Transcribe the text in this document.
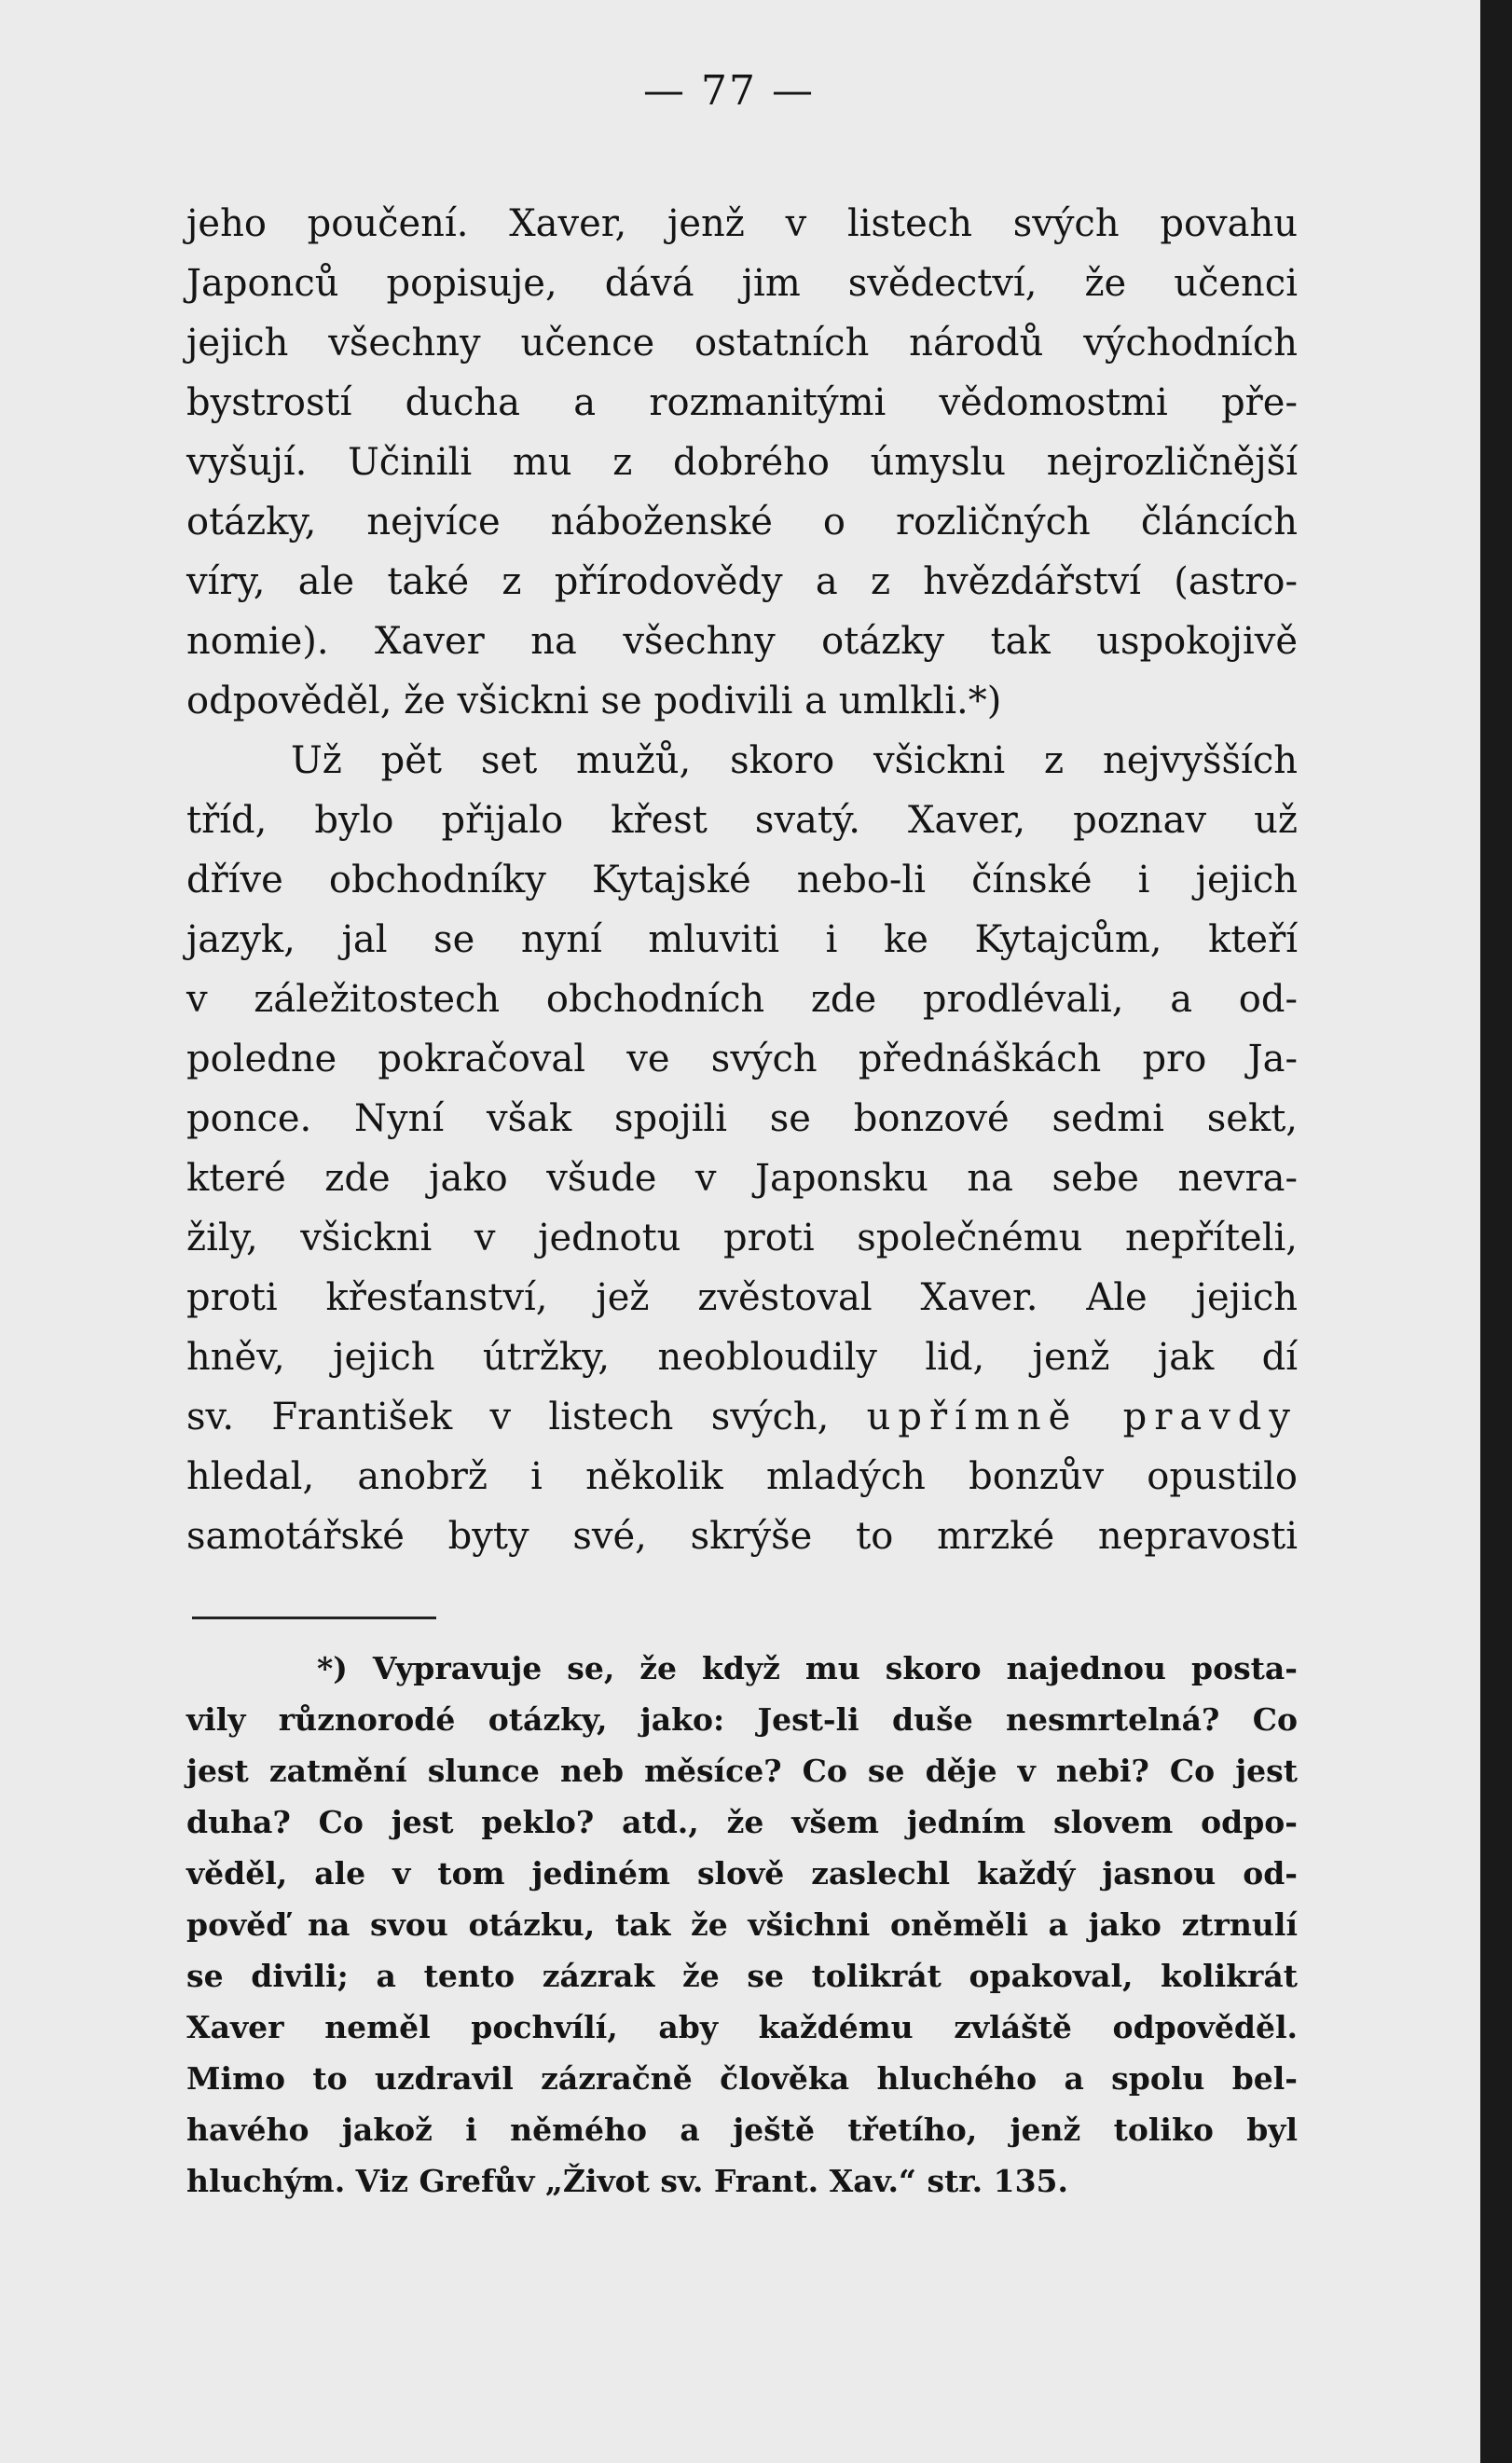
— 77 —
jeho poučení. Xaver, jenž v listech svých povahu
Japonců popisuje, dává jim svědectví, že učenci
jejich všechny učence ostatních národů východních
bystrostí ducha a rozmanitými vědomostmi pře-
vyšují. Učinili mu z dobrého úmyslu nejrozličnější
otázky, nejvíce náboženské o rozličných článcích
víry, ale také z přírodovědy a z hvězdářství (astro-
nomie). Xaver na všechny otázky tak uspokojivě
odpověděl, že všickni se podivili a umlkli.*)
Už pět set mužů, skoro všickni z nejvyšších
tříd, bylo přijalo křest svatý. Xaver, poznav už
dříve obchodníky Kytajské nebo-li čínské i jejich
jazyk, jal se nyní mluviti i ke Kytajcům, kteří
v záležitostech obchodních zde prodlévali, a od-
poledne pokračoval ve svých přednáškách pro Ja-
ponce. Nyní však spojili se bonzové sedmi sekt,
které zde jako všude v Japonsku na sebe nevra-
žily, všickni v jednotu proti společnému nepříteli,
proti křesťanství, jež zvěstoval Xaver. Ale jejich
hněv, jejich útržky, neobloudily lid, jenž jak dí
sv. František v listech svých, upřímně pravdy
hledal, anobrž i několik mladých bonzův opustilo
samotářské byty své, skrýše to mrzké nepravosti
*) Vypravuje se, že když mu skoro najednou posta-
vily různorodé otázky, jako: Jest-li duše nesmrtelná? Co
jest zatmění slunce neb měsíce? Co se děje v nebi? Co jest
duha? Co jest peklo? atd., že všem jedním slovem odpo-
věděl, ale v tom jediném slově zaslechl každý jasnou od-
pověď na svou otázku, tak že všichni oněměli a jako ztrnulí
se divili; a tento zázrak že se tolikrát opakoval, kolikrát
Xaver neměl pochvílí, aby každému zvláště odpověděl.
Mimo to uzdravil zázračně člověka hluchého a spolu bel-
havého jakož i němého a ještě třetího, jenž toliko byl
hluchým. Viz Grefův „Život sv. Frant. Xav.“ str. 135.
